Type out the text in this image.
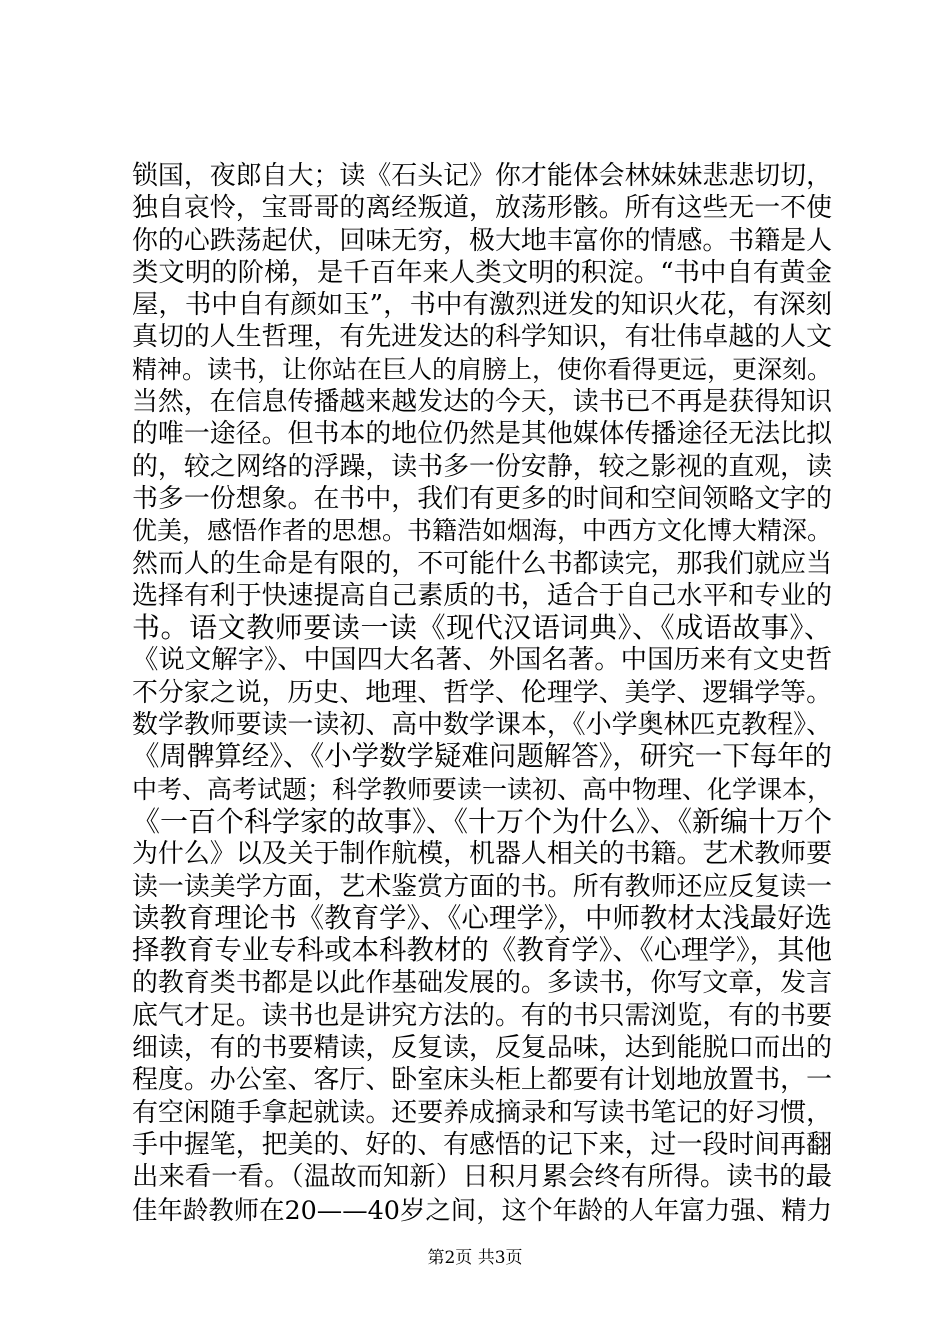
锁国，夜郎自大；读《石头记》你才能体会林妹妹悲悲切切，
独自哀怜，宝哥哥的离经叛道，放荡形骸。所有这些无一不使
你的心跌荡起伏，回味无穷，极大地丰富你的情感。书籍是人
类文明的阶梯，是千百年来人类文明的积淀。“书中自有黄金
屋，书中自有颜如玉”，书中有激烈迸发的知识火花，有深刻
真切的人生哲理，有先进发达的科学知识，有壮伟卓越的人文
精神。读书，让你站在巨人的肩膀上，使你看得更远，更深刻。
当然，在信息传播越来越发达的今天，读书已不再是获得知识
的唯一途径。但书本的地位仍然是其他媒体传播途径无法比拟
的，较之网络的浮躁，读书多一份安静，较之影视的直观，读
书多一份想象。在书中，我们有更多的时间和空间领略文字的
优美，感悟作者的思想。书籍浩如烟海，中西方文化博大精深。
然而人的生命是有限的，不可能什么书都读完，那我们就应当
选择有利于快速提高自己素质的书，适合于自己水平和专业的
书。语文教师要读一读《现代汉语词典》、《成语故事》、
《说文解字》、中国四大名著、外国名著。中国历来有文史哲
不分家之说，历史、地理、哲学、伦理学、美学、逻辑学等。
数学教师要读一读初、高中数学课本，《小学奥林匹克教程》、
《周髀算经》、《小学数学疑难问题解答》，研究一下每年的
中考、高考试题；科学教师要读一读初、高中物理、化学课本，
《一百个科学家的故事》、《十万个为什么》、《新编十万个
为什么》以及关于制作航模，机器人相关的书籍。艺术教师要
读一读美学方面，艺术鉴赏方面的书。所有教师还应反复读一
读教育理论书《教育学》、《心理学》，中师教材太浅最好选
择教育专业专科或本科教材的《教育学》、《心理学》，其他
的教育类书都是以此作基础发展的。多读书，你写文章，发言
底气才足。读书也是讲究方法的。有的书只需浏览，有的书要
细读，有的书要精读，反复读，反复品味，达到能脱口而出的
程度。办公室、客厅、卧室床头柜上都要有计划地放置书，一
有空闲随手拿起就读。还要养成摘录和写读书笔记的好习惯，
手中握笔，把美的、好的、有感悟的记下来，过一段时间再翻
出来看一看。（温故而知新）日积月累会终有所得。读书的最
佳年龄教师在20——40岁之间，这个年龄的人年富力强、精力
第2页 共3页
